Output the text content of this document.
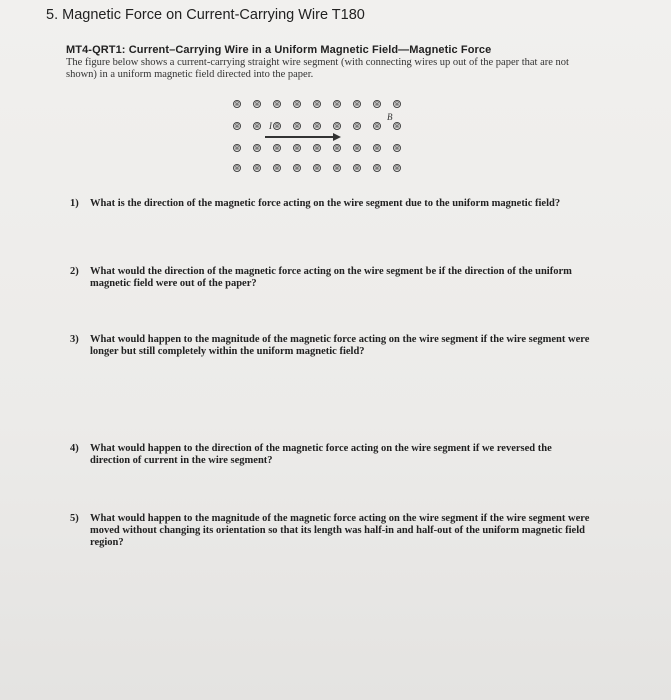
5. Magnetic Force on Current-Carrying Wire T180
MT4-QRT1: Current–Carrying Wire in a Uniform Magnetic Field—Magnetic Force
The figure below shows a current-carrying straight wire segment (with connecting wires up out of the paper that are not shown) in a uniform magnetic field directed into the paper.
⊗ ⊗ ⊗ ⊗ ⊗ ⊗ ⊗ ⊗ ⊗
⊗ ⊗ ⊗ ⊗ ⊗ ⊗ ⊗ ⊗ ⊗
⊗ ⊗ ⊗ ⊗ ⊗ ⊗ ⊗ ⊗ ⊗
⊗ ⊗ ⊗ ⊗ ⊗ ⊗ ⊗ ⊗ ⊗
I
B
1)	What is the direction of the magnetic force acting on the wire segment due to the uniform magnetic field?
2)	What would the direction of the magnetic force acting on the wire segment be if the direction of the uniform magnetic field were out of the paper?
3)	What would happen to the magnitude of the magnetic force acting on the wire segment if the wire segment were longer but still completely within the uniform magnetic field?
4)	What would happen to the direction of the magnetic force acting on the wire segment if we reversed the direction of current in the wire segment?
5)	What would happen to the magnitude of the magnetic force acting on the wire segment if the wire segment were moved without changing its orientation so that its length was half-in and half-out of the uniform magnetic field region?
